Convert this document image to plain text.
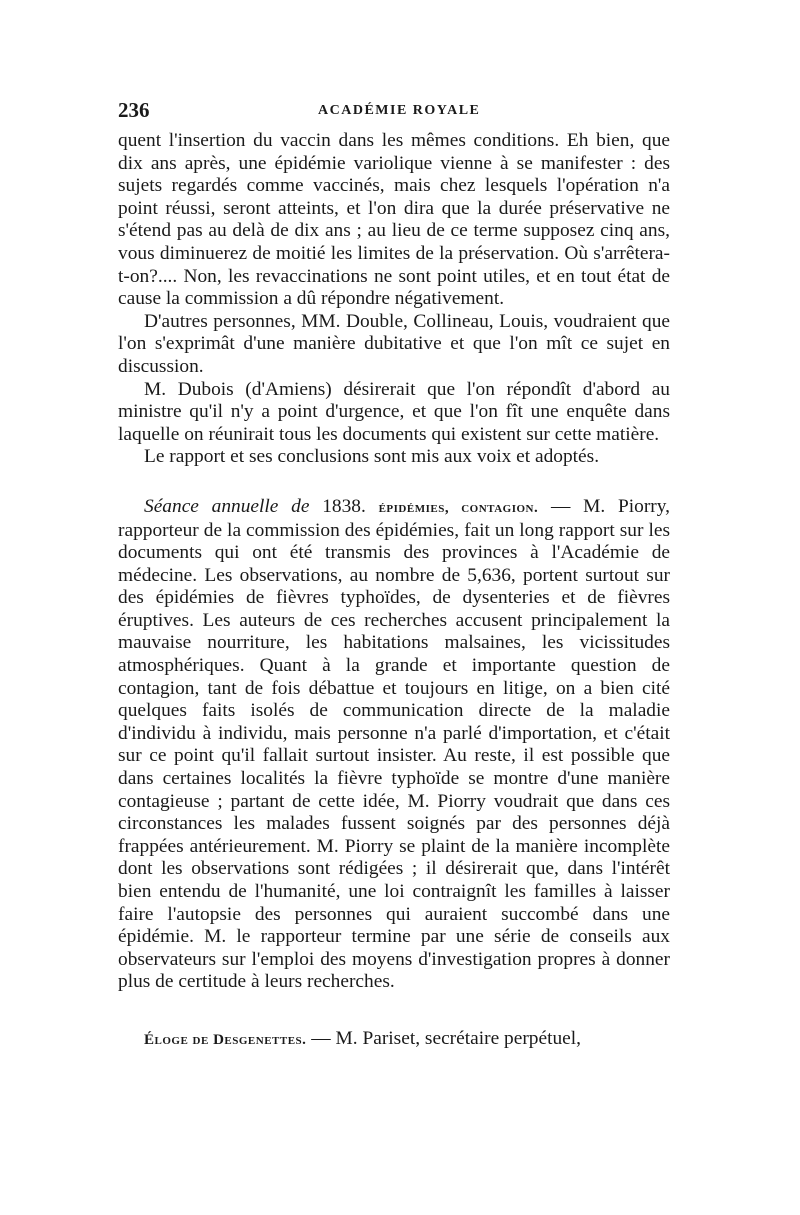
236	ACADÉMIE ROYALE

quent l'insertion du vaccin dans les mêmes conditions. Eh bien, que dix ans après, une épidémie variolique vienne à se manifester : des sujets regardés comme vaccinés, mais chez lesquels l'opération n'a point réussi, seront atteints, et l'on dira que la durée préservative ne s'étend pas au delà de dix ans ; au lieu de ce terme supposez cinq ans, vous diminuerez de moitié les limites de la préservation. Où s'arrêtera-t-on?.... Non, les revaccinations ne sont point utiles, et en tout état de cause la commission a dû répondre négativement.

D'autres personnes, MM. Double, Collineau, Louis, voudraient que l'on s'exprimât d'une manière dubitative et que l'on mît ce sujet en discussion.

M. Dubois (d'Amiens) désirerait que l'on répondît d'abord au ministre qu'il n'y a point d'urgence, et que l'on fît une enquête dans laquelle on réunirait tous les documents qui existent sur cette matière.

Le rapport et ses conclusions sont mis aux voix et adoptés.

Séance annuelle de 1838. épidémies, contagion. — M. Piorry, rapporteur de la commission des épidémies, fait un long rapport sur les documents qui ont été transmis des provinces à l'Académie de médecine. Les observations, au nombre de 5,636, portent surtout sur des épidémies de fièvres typhoïdes, de dysenteries et de fièvres éruptives. Les auteurs de ces recherches accusent principalement la mauvaise nourriture, les habitations malsaines, les vicissitudes atmosphériques. Quant à la grande et importante question de contagion, tant de fois débattue et toujours en litige, on a bien cité quelques faits isolés de communication directe de la maladie d'individu à individu, mais personne n'a parlé d'importation, et c'était sur ce point qu'il fallait surtout insister. Au reste, il est possible que dans certaines localités la fièvre typhoïde se montre d'une manière contagieuse ; partant de cette idée, M. Piorry voudrait que dans ces circonstances les malades fussent soignés par des personnes déjà frappées antérieurement. M. Piorry se plaint de la manière incomplète dont les observations sont rédigées ; il désirerait que, dans l'intérêt bien entendu de l'humanité, une loi contraignît les familles à laisser faire l'autopsie des personnes qui auraient succombé dans une épidémie. M. le rapporteur termine par une série de conseils aux observateurs sur l'emploi des moyens d'investigation propres à donner plus de certitude à leurs recherches.

Éloge de Desgenettes. — M. Pariset, secrétaire perpétuel,
